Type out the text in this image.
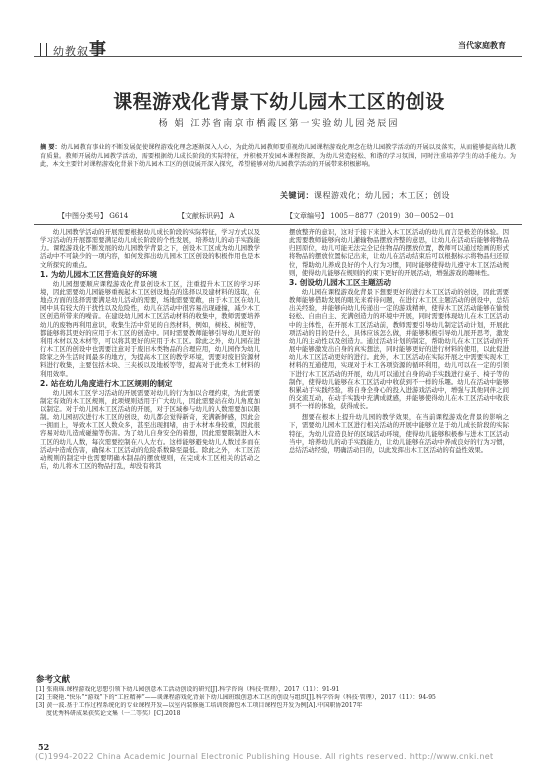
幼教叙事	当代家庭教育
课程游戏化背景下幼儿园木工区的创设
杨 娟 江苏省南京市栖霞区第一实验幼儿园尧辰园
摘 要：幼儿园教育事业的不断发展促使课程游戏化理念逐渐深入人心，为此幼儿园教师要重视幼儿园课程游戏化理念在幼儿园教学活动的开展以及落实，从而能够提高幼儿教育质量。教师开展幼儿园教学活动，需要根据幼儿成长阶段的实际特征，并积极开发园本课程资源，为幼儿营造轻松、和谐的学习氛围，同时注重培养学生的动手能力。为此，本文主要针对课程游戏化背景下幼儿园木工区的创设展开深入探究，希望能够对幼儿园教学活动的开展带来积极影响。
关键词：课程游戏化；幼儿园；木工区；创设
【中图分类号】 G614	【文献标识码】 A	【文章编号】 1005－8877（2019）30－0052－01

幼儿园教学活动的开展需要根据幼儿成长阶段的实际特征，学习方式以及学习活动的开展都需要满足幼儿成长阶段的个性发展，培养幼儿的动手实践能力。课程游戏化不断发展的幼儿园教学背景之下，创设木工区成为幼儿园教学活动中不可缺少的一项内容，如何发挥出幼儿园木工区创设的积极作用也是本文所探究的重点。

1. 为幼儿园木工区营造良好的环境

幼儿园想要顺应课程游戏化背景创设木工区，注重提升木工区的学习环境，因此需要幼儿园能够重视起木工区创设地点的选择以及建材料的选取，在地点方面的选择需要满足幼儿活动的需要，场地需要宽敞，由于木工区在幼儿园中具有较大的干扰性以及危险性，幼儿在活动中很容易出现碰撞，减少木工区创造所带来的噪音。在建设幼儿园木工区活动材料的收集中，教师需要培养幼儿的废物再利用意识，收集生活中常见的自然材料，例如，树枝、树桩等，都能够将其更好的应用于木工区的创造中。同时需要教师能够引导幼儿更好的利用木材以及木材等，可以将其更好的应用于木工区。除此之外，幼儿园在进行木工区的创设中也需要注意对于废旧木类物品的合理应用，幼儿园作为幼儿除家之外生活时间最多的地方，为提高木工区的教学环境，需要对废旧资源材料进行收集，主要包括木块、三夹板以及地板等等，提高对于此类木工材料的利用效率。

2. 站在幼儿角度进行木工区规则的制定

幼儿园木工区学习活动的开展需要对幼儿的行为加以合理约束，为此需要制定有效的木工区规则，此项规则适用于广大幼儿，因此需要站在幼儿角度加以制定。对于幼儿园木工区活动的开展，对于区域参与幼儿的人数需要加以限制。幼儿园初次进行木工区的创设，幼儿都会觉得新奇，充满新鲜感，因此会一拥而上，导致木工区人数众多，甚至出现拥堵，由于木材本身较重，因此很容易对幼儿造成碰撞等伤害。为了幼儿自身安全的着想，因此需要限制进入木工区的幼儿人数，每次需要控制在八人左右。这样能够避免幼儿人数过多而在活动中造成伤害，确保木工区活动的危险系数降至最低。除此之外，木工区活动规则的制定中也需要明确木制品的摆放规则，在完成木工区相关的活动之后，幼儿将木工区的物品打乱，却没有将其

摆放整齐的意识，这对于接下来进入木工区活动的幼儿而言是极差的体验。因此需要教师能够向幼儿灌输物品摆放齐整的意思，让幼儿在活动后能够将物品归回原位，幼儿可能无法完全记住物品的摆放位置，教师可以通过绘画的形式将物品的摆放位置标记出来，让幼儿在活动结束后可以根据标示将物品归还原位，帮助幼儿养成良好的个人行为习惯，同时能够使得幼儿遵守木工区活动规则，使得幼儿能够在规则的约束下更好的开展活动，增强游戏的趣味性。

3. 创设幼儿园木工区主题活动

幼儿园在课程游戏化背景下想要更好的进行木工区活动的创设，因此需要教师能够借助发展的眼光来看待问题，在进行木工区主题活动的创设中，总结出关经验，并能够向幼儿传递出一定的游戏精神，使得木工区活动能够在愉悦轻松、自由自主、充满创造力的环境中开展，同时需要体现幼儿在木工区活动中的主体性，在开展木工区活动前，教师需要引导幼儿制定活动计划，开展此项活动的目的是什么，具体应该怎么做，并能够积极引导幼儿展开思考，激发幼儿的主动性以及创造力。通过活动计划的制定，帮助幼儿在木工区活动的开展中能够激发出自身的真实想法，同时能够更好的进行材料的使用，以此促进幼儿木工区活动更好的进行。此外，木工区活动在实际开展之中需要实现木工材料的互通使用，实现对于木工各项资源的循环利用，幼儿可以在一定的引领下进行木工区活动的开展，幼儿可以通过自身的动手实践进行桌子、椅子等的制作，使得幼儿能够在木工区活动中收获到不一样的乐趣。幼儿在活动中能够积累动手实践经验，将自身全身心的投入进游戏活动中，增强与其他同伴之间的交流互动，在动手实践中充满成就感，并能够使得幼儿在木工区活动中收获到不一样的体验，获得成长。

想要在根本上提升幼儿园的教学效果，在当前课程游戏化背景的影响之下，需要幼儿园木工区进行相关活动的开展中能够立足于幼儿成长阶段的实际特征，为幼儿营造良好的区域活动环境，使得幼儿能够积极参与进木工区活动当中，培养幼儿的动手实践能力，让幼儿能够在活动中养成良好的行为习惯，总结活动经验，明确活动目的，以此发挥出木工区活动的有益性效果。

参考文献
[1] 张雨瑶.课程游戏化思想引领下幼儿园创意木工活动创设的研究[J].科学咨询（科技·管理），2017（11）：91-91
[2] 王晓艳.“快乐”“游戏”下的“工匠精神”——谈课程游戏化背景下幼儿园班级创意木工区的创设与组织[J].科学咨询（科技·管理），2017（11）：94-95
[3] 黄一波.基于工作过程系统化的专业课程开发—以室内装修施工培训资源包木工项目课程包开发为例[A].中国职协2017年
度优秀科研成果获奖论文集（一二等奖）[C].2018
52
(C)1994-2022 China Academic Journal Electronic Publishing House. All rights reserved. http://www.cnki.net
